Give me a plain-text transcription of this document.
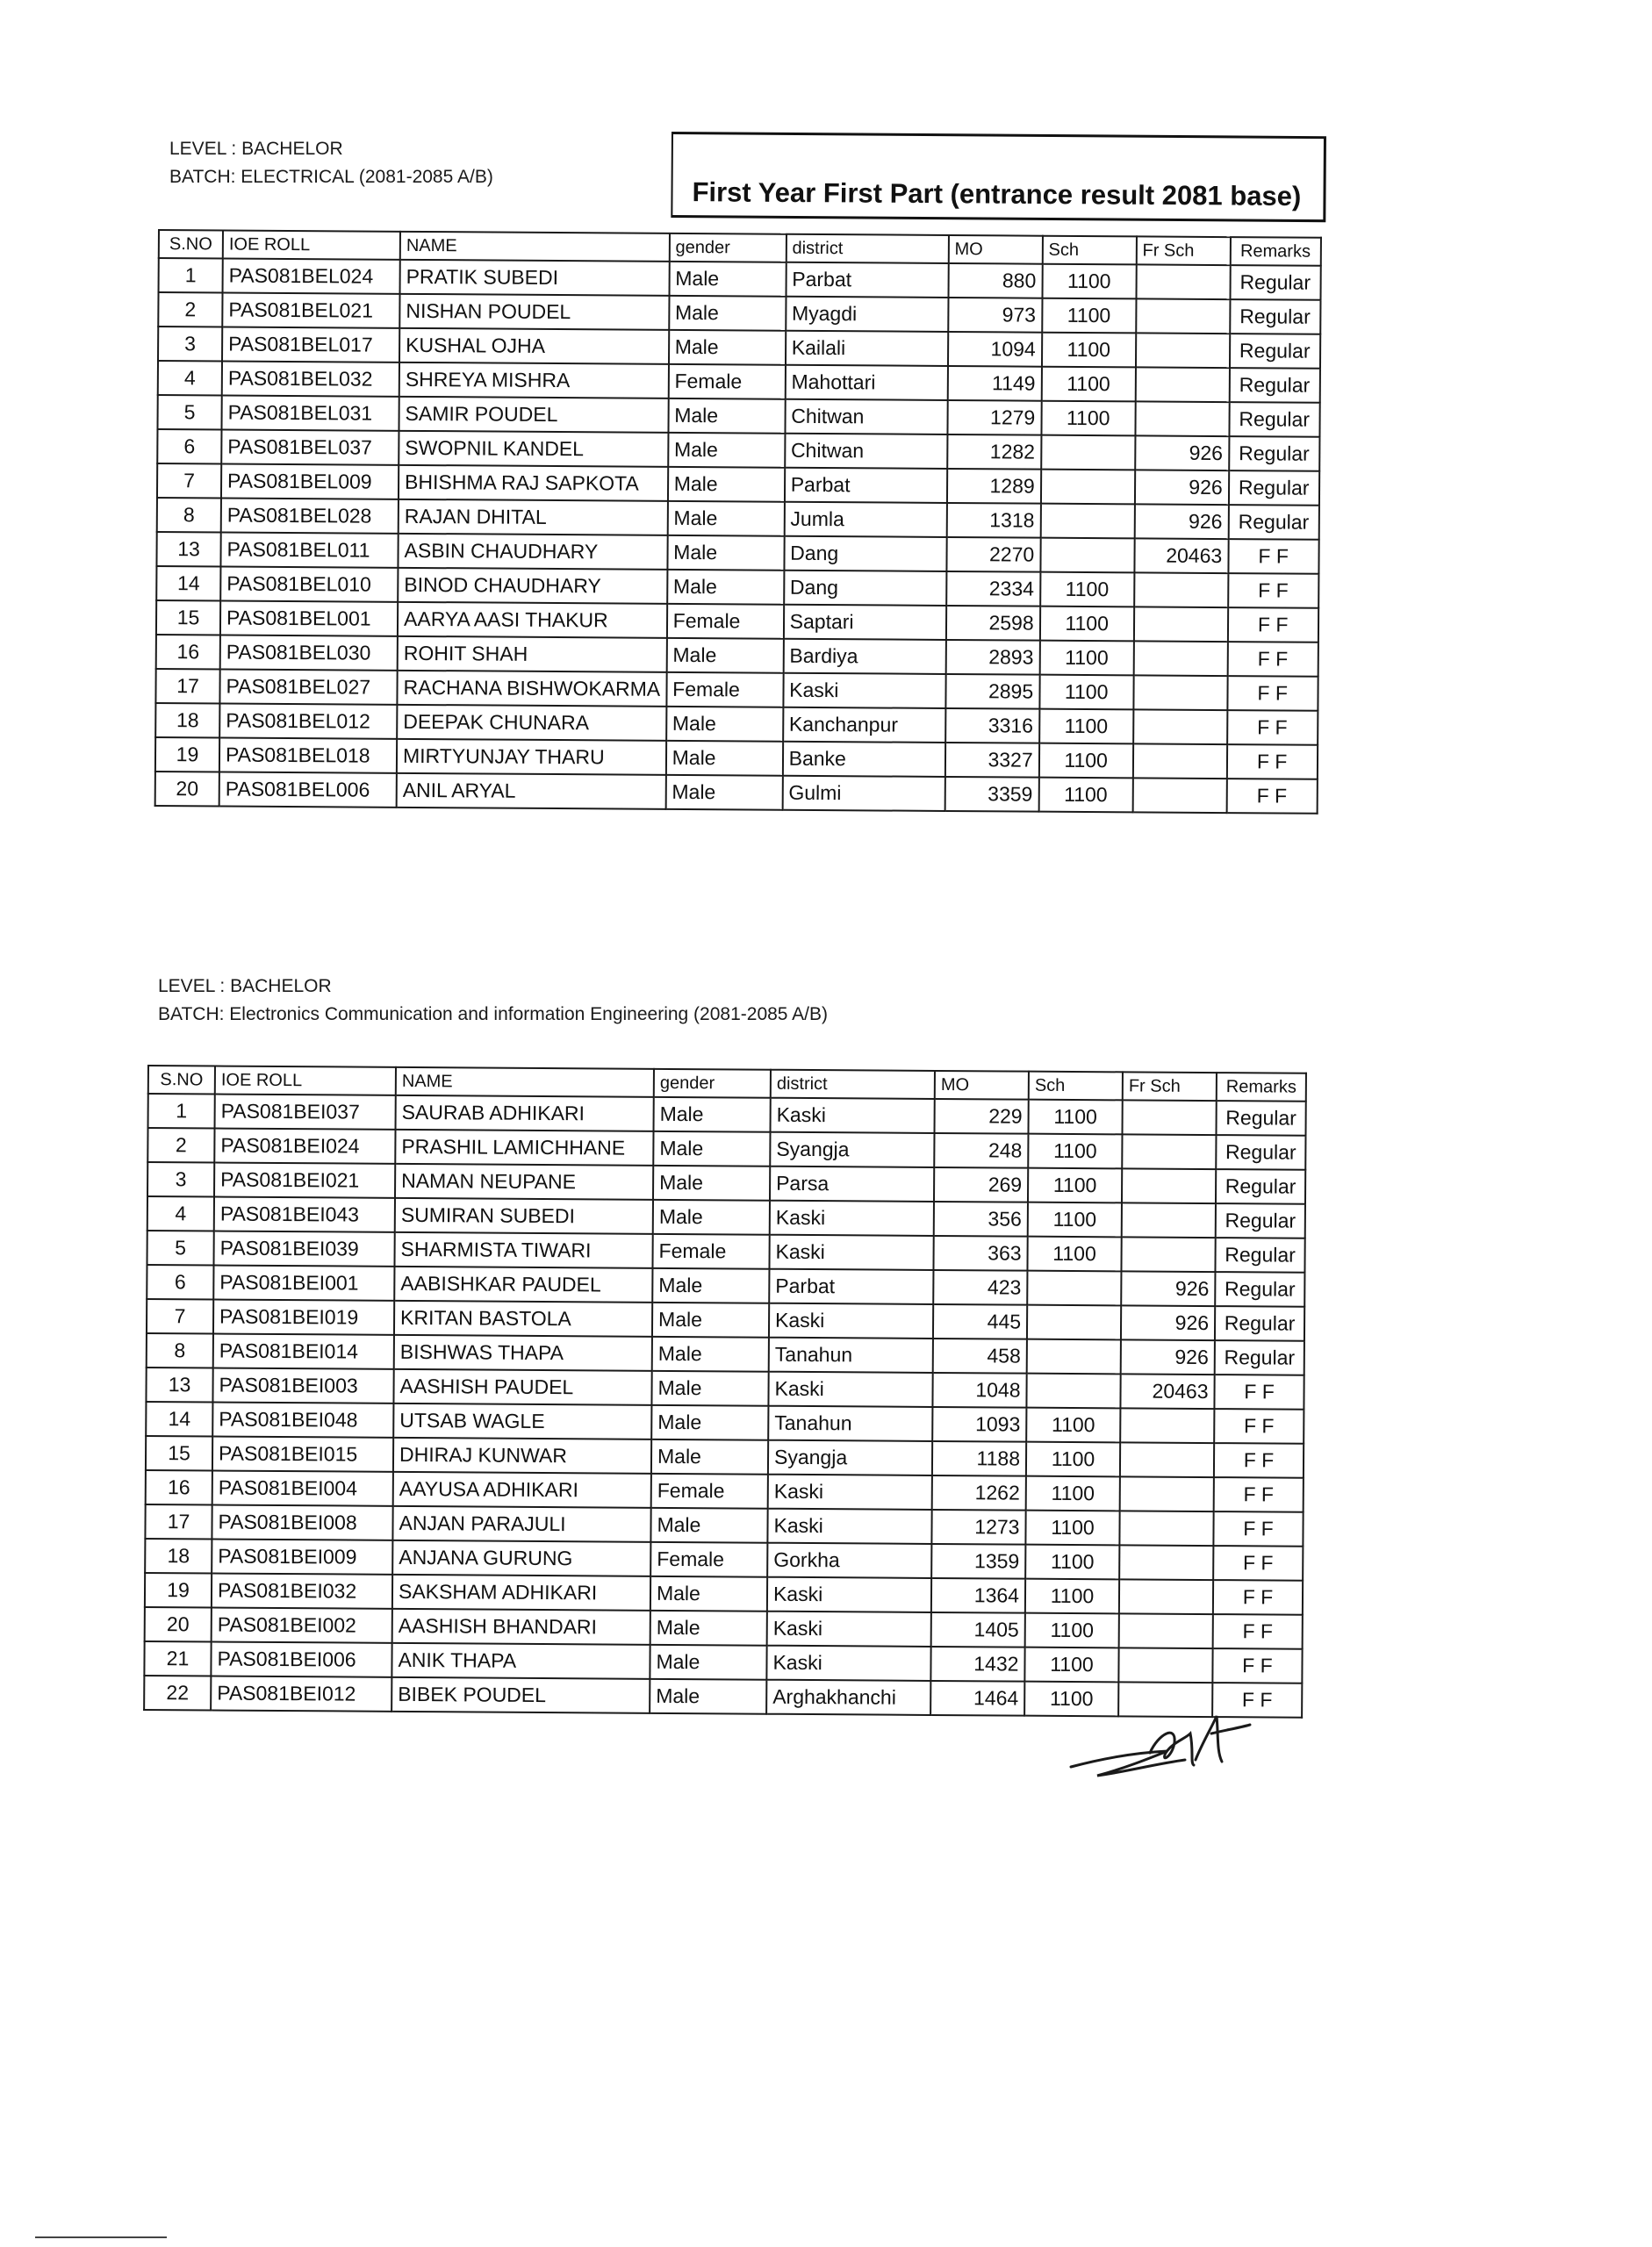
LEVEL : BACHELOR
BATCH: ELECTRICAL (2081-2085 A/B)	First Year First Part (entrance result 2081 base)
S.NO	IOE ROLL	NAME	gender	district	MO	Sch	Fr Sch	Remarks
1	PAS081BEL024	PRATIK SUBEDI	Male	Parbat	880	1100		Regular
2	PAS081BEL021	NISHAN POUDEL	Male	Myagdi	973	1100		Regular
3	PAS081BEL017	KUSHAL OJHA	Male	Kailali	1094	1100		Regular
4	PAS081BEL032	SHREYA MISHRA	Female	Mahottari	1149	1100		Regular
5	PAS081BEL031	SAMIR POUDEL	Male	Chitwan	1279	1100		Regular
6	PAS081BEL037	SWOPNIL KANDEL	Male	Chitwan	1282		926	Regular
7	PAS081BEL009	BHISHMA RAJ SAPKOTA	Male	Parbat	1289		926	Regular
8	PAS081BEL028	RAJAN DHITAL	Male	Jumla	1318		926	Regular
13	PAS081BEL011	ASBIN CHAUDHARY	Male	Dang	2270		20463	F F
14	PAS081BEL010	BINOD CHAUDHARY	Male	Dang	2334	1100		F F
15	PAS081BEL001	AARYA AASI THAKUR	Female	Saptari	2598	1100		F F
16	PAS081BEL030	ROHIT SHAH	Male	Bardiya	2893	1100		F F
17	PAS081BEL027	RACHANA BISHWOKARMA	Female	Kaski	2895	1100		F F
18	PAS081BEL012	DEEPAK CHUNARA	Male	Kanchanpur	3316	1100		F F
19	PAS081BEL018	MIRTYUNJAY THARU	Male	Banke	3327	1100		F F
20	PAS081BEL006	ANIL ARYAL	Male	Gulmi	3359	1100		F F
LEVEL : BACHELOR
BATCH: Electronics Communication and information Engineering (2081-2085 A/B)
S.NO	IOE ROLL	NAME	gender	district	MO	Sch	Fr Sch	Remarks
1	PAS081BEI037	SAURAB ADHIKARI	Male	Kaski	229	1100		Regular
2	PAS081BEI024	PRASHIL LAMICHHANE	Male	Syangja	248	1100		Regular
3	PAS081BEI021	NAMAN NEUPANE	Male	Parsa	269	1100		Regular
4	PAS081BEI043	SUMIRAN SUBEDI	Male	Kaski	356	1100		Regular
5	PAS081BEI039	SHARMISTA TIWARI	Female	Kaski	363	1100		Regular
6	PAS081BEI001	AABISHKAR PAUDEL	Male	Parbat	423		926	Regular
7	PAS081BEI019	KRITAN BASTOLA	Male	Kaski	445		926	Regular
8	PAS081BEI014	BISHWAS THAPA	Male	Tanahun	458		926	Regular
13	PAS081BEI003	AASHISH PAUDEL	Male	Kaski	1048		20463	F F
14	PAS081BEI048	UTSAB WAGLE	Male	Tanahun	1093	1100		F F
15	PAS081BEI015	DHIRAJ KUNWAR	Male	Syangja	1188	1100		F F
16	PAS081BEI004	AAYUSA ADHIKARI	Female	Kaski	1262	1100		F F
17	PAS081BEI008	ANJAN PARAJULI	Male	Kaski	1273	1100		F F
18	PAS081BEI009	ANJANA GURUNG	Female	Gorkha	1359	1100		F F
19	PAS081BEI032	SAKSHAM ADHIKARI	Male	Kaski	1364	1100		F F
20	PAS081BEI002	AASHISH BHANDARI	Male	Kaski	1405	1100		F F
21	PAS081BEI006	ANIK THAPA	Male	Kaski	1432	1100		F F
22	PAS081BEI012	BIBEK POUDEL	Male	Arghakhanchi	1464	1100		F F
